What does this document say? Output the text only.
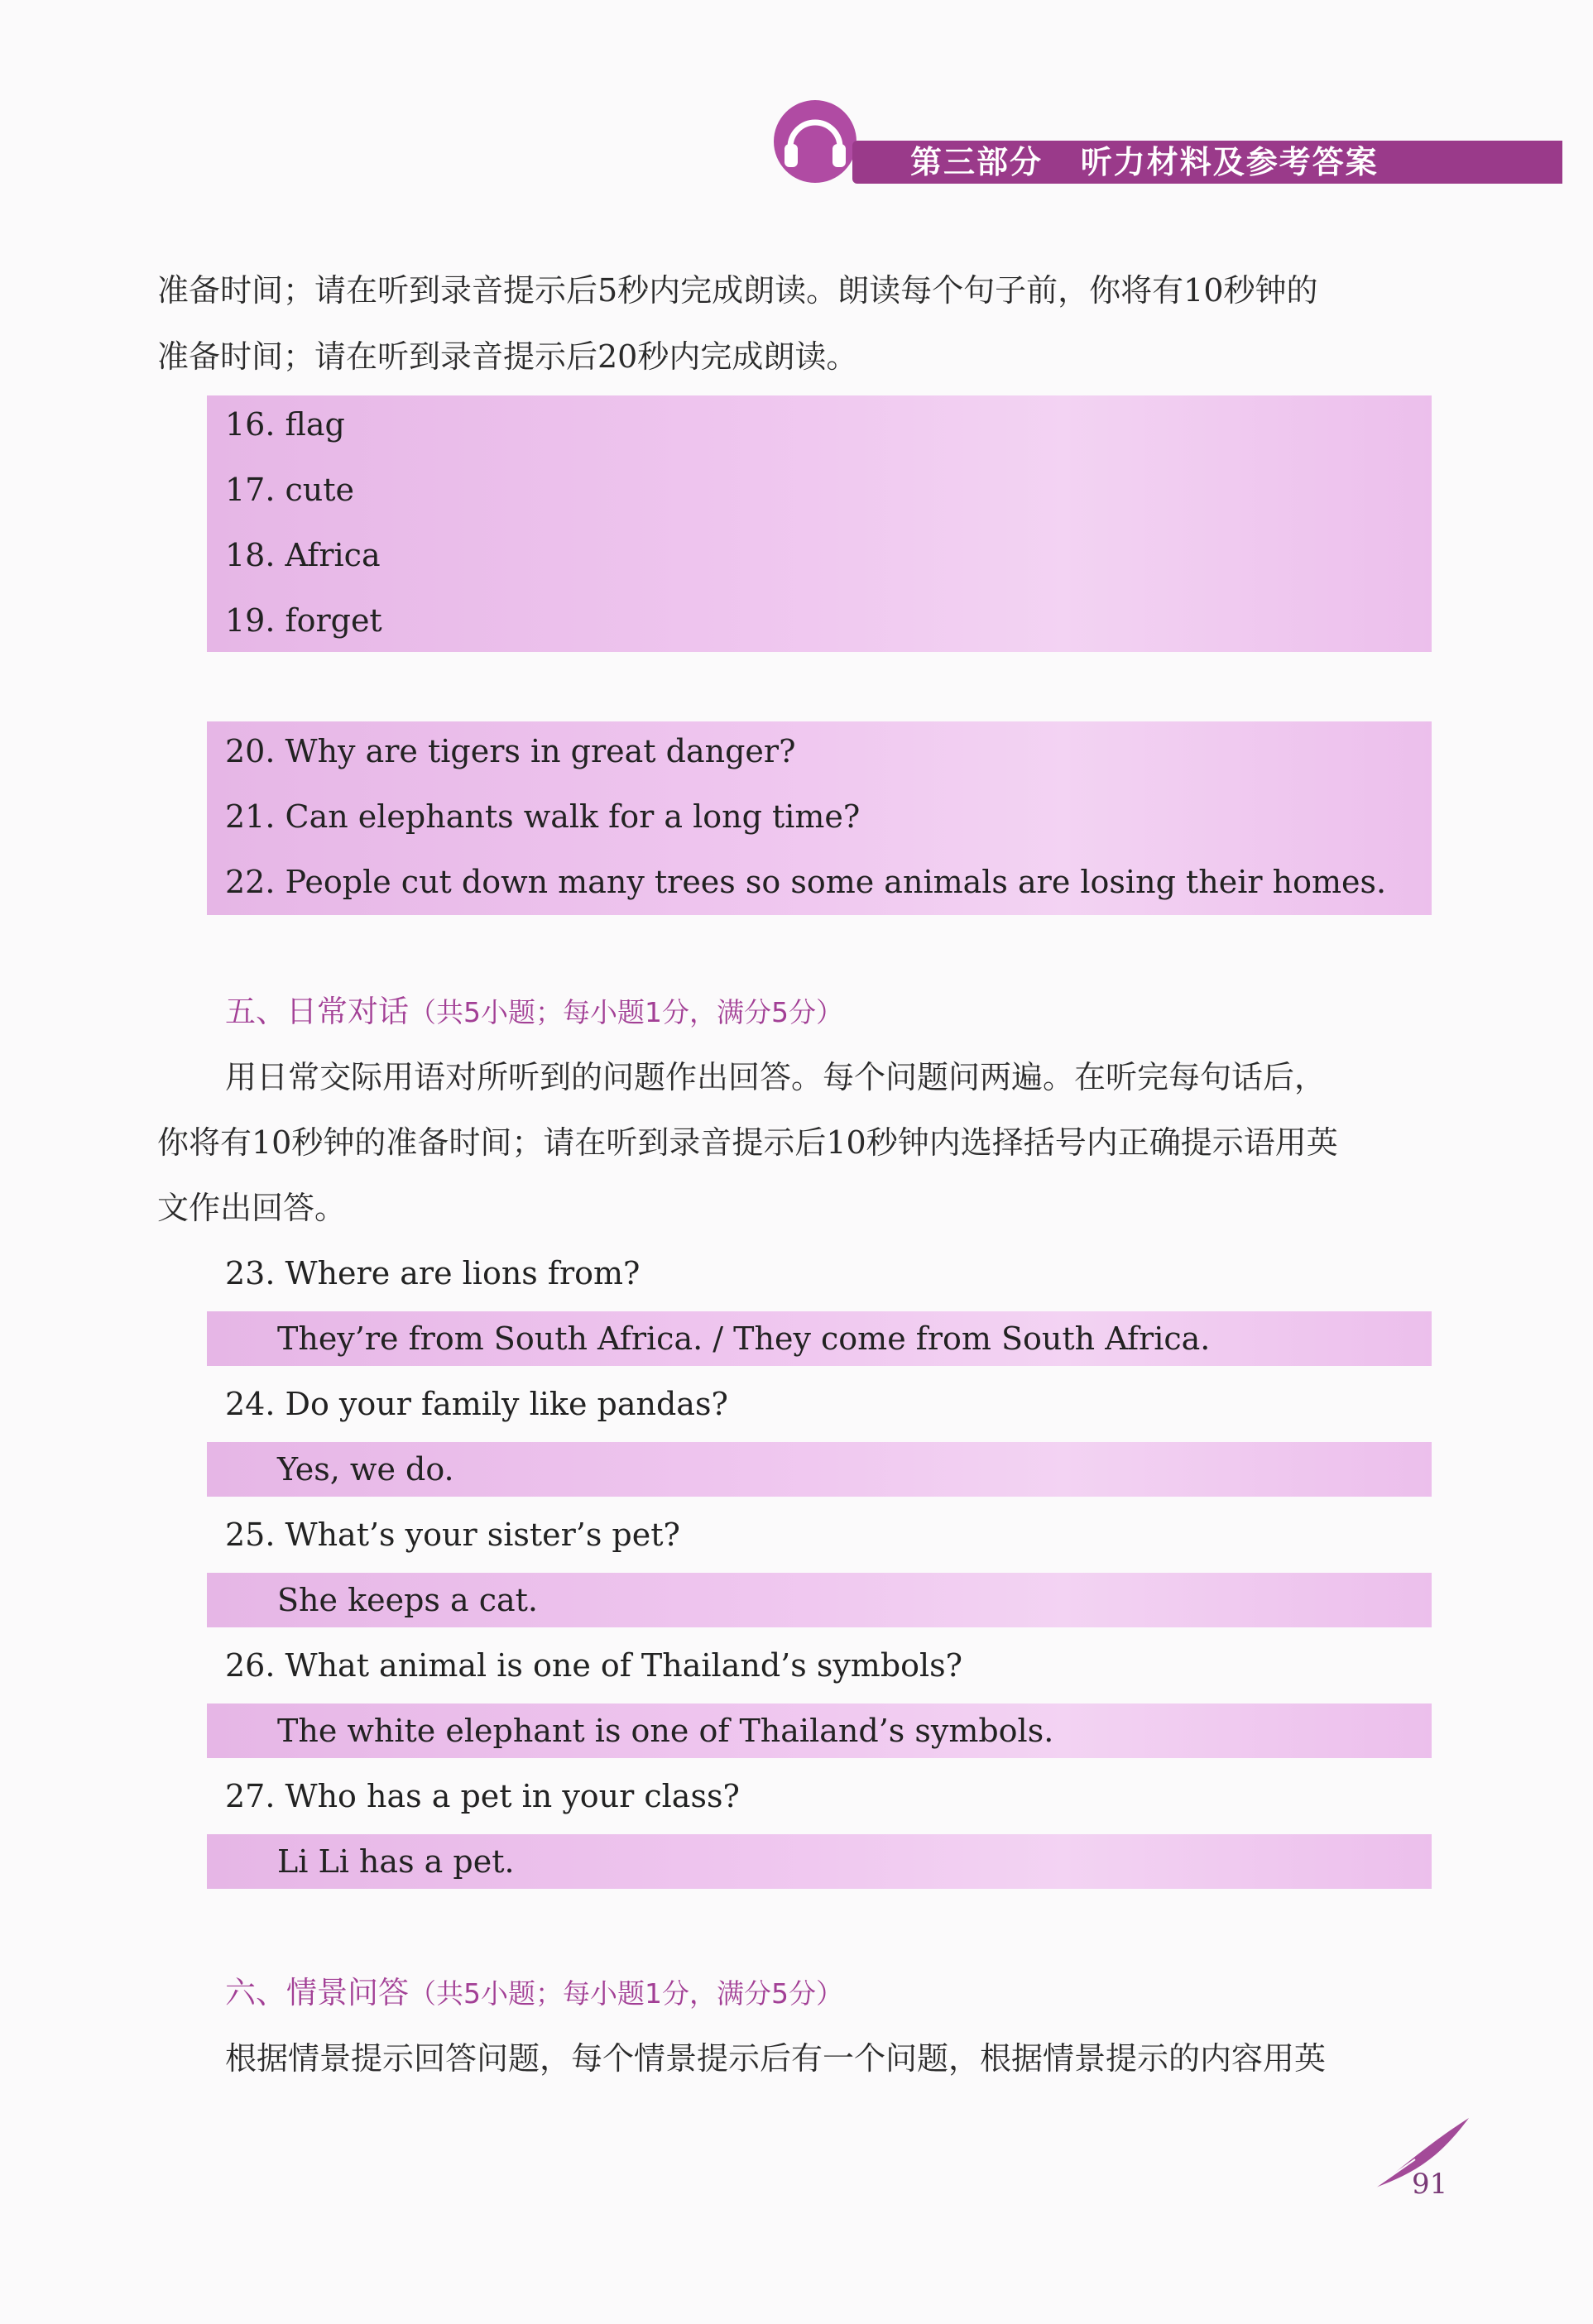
第三部分   听力材料及参考答案
准备时间；请在听到录音提示后5秒内完成朗读。朗读每个句子前，你将有10秒钟的
准备时间；请在听到录音提示后20秒内完成朗读。
16. flag
17. cute
18. Africa
19. forget
20. Why are tigers in great danger?
21. Can elephants walk for a long time?
22. People cut down many trees so some animals are losing their homes.
五、日常对话（共5小题；每小题1分，满分5分）
用日常交际用语对所听到的问题作出回答。每个问题问两遍。在听完每句话后，
你将有10秒钟的准备时间；请在听到录音提示后10秒钟内选择括号内正确提示语用英
文作出回答。
23. Where are lions from?
They’re from South Africa. / They come from South Africa.
24. Do your family like pandas?
Yes, we do.
25. What’s your sister’s pet?
She keeps a cat.
26. What animal is one of Thailand’s symbols?
The white elephant is one of Thailand’s symbols.
27. Who has a pet in your class?
Li Li has a pet.
六、情景问答（共5小题；每小题1分，满分5分）
根据情景提示回答问题，每个情景提示后有一个问题，根据情景提示的内容用英
91
